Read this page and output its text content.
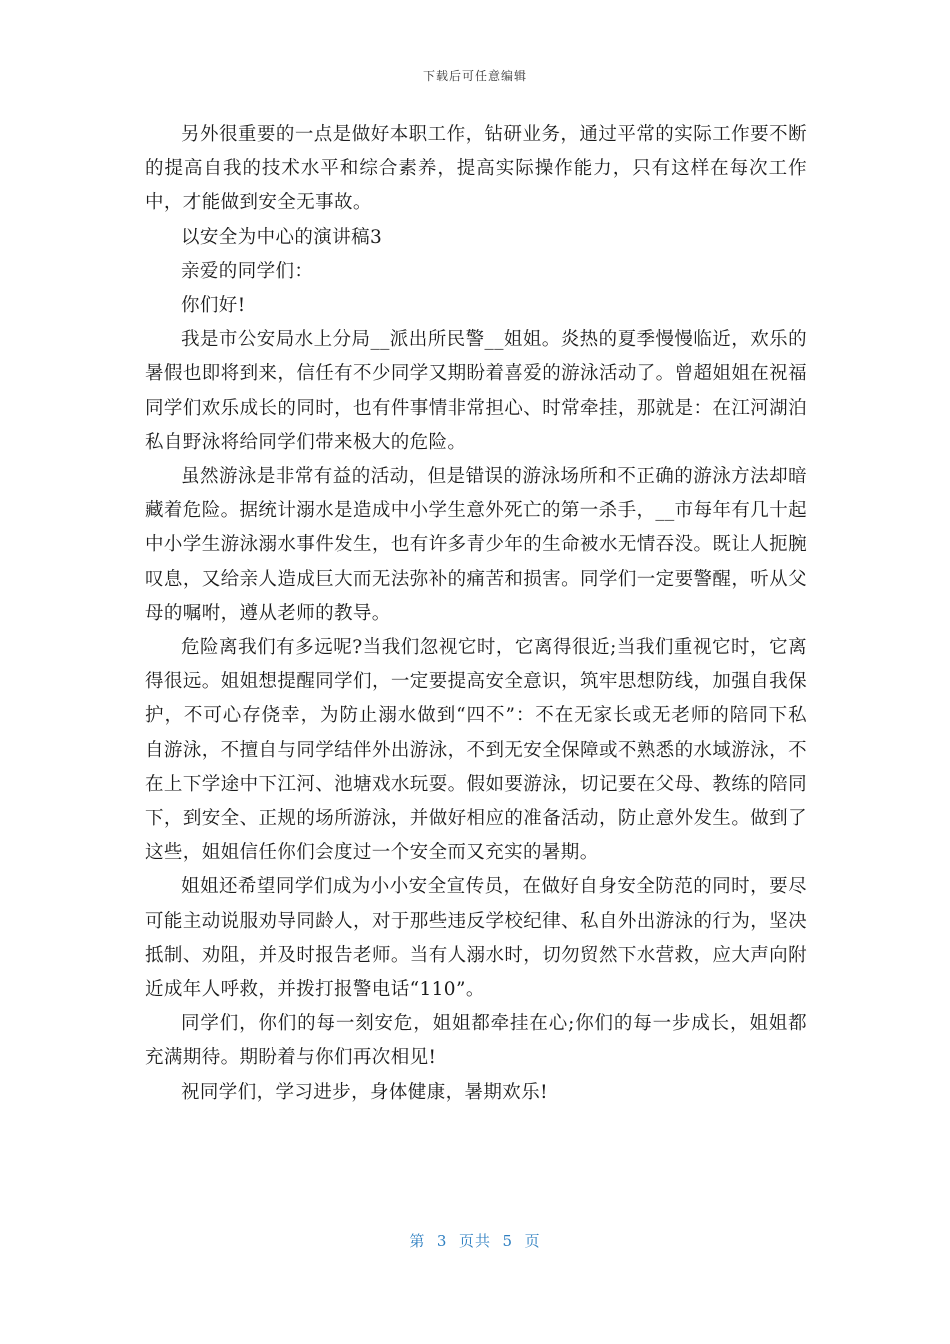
下载后可任意编辑

另外很重要的一点是做好本职工作，钻研业务，通过平常的实际工作要不断的提高自我的技术水平和综合素养，提高实际操作能力，只有这样在每次工作中，才能做到安全无事故。

以安全为中心的演讲稿3

亲爱的同学们：

你们好!

我是市公安局水上分局__派出所民警__姐姐。炎热的夏季慢慢临近，欢乐的暑假也即将到来，信任有不少同学又期盼着喜爱的游泳活动了。曾超姐姐在祝福同学们欢乐成长的同时，也有件事情非常担心、时常牵挂，那就是：在江河湖泊私自野泳将给同学们带来极大的危险。

虽然游泳是非常有益的活动，但是错误的游泳场所和不正确的游泳方法却暗藏着危险。据统计溺水是造成中小学生意外死亡的第一杀手，__市每年有几十起中小学生游泳溺水事件发生，也有许多青少年的生命被水无情吞没。既让人扼腕叹息，又给亲人造成巨大而无法弥补的痛苦和损害。同学们一定要警醒，听从父母的嘱咐，遵从老师的教导。

危险离我们有多远呢?当我们忽视它时，它离得很近;当我们重视它时，它离得很远。姐姐想提醒同学们，一定要提高安全意识，筑牢思想防线，加强自我保护，不可心存侥幸，为防止溺水做到“四不”：不在无家长或无老师的陪同下私自游泳，不擅自与同学结伴外出游泳，不到无安全保障或不熟悉的水域游泳，不在上下学途中下江河、池塘戏水玩耍。假如要游泳，切记要在父母、教练的陪同下，到安全、正规的场所游泳，并做好相应的准备活动，防止意外发生。做到了这些，姐姐信任你们会度过一个安全而又充实的暑期。

姐姐还希望同学们成为小小安全宣传员，在做好自身安全防范的同时，要尽可能主动说服劝导同龄人，对于那些违反学校纪律、私自外出游泳的行为，坚决抵制、劝阻，并及时报告老师。当有人溺水时，切勿贸然下水营救，应大声向附近成年人呼救，并拨打报警电话“110”。

同学们，你们的每一刻安危，姐姐都牵挂在心;你们的每一步成长，姐姐都充满期待。期盼着与你们再次相见!

祝同学们，学习进步，身体健康，暑期欢乐!

第  3  页共  5  页
